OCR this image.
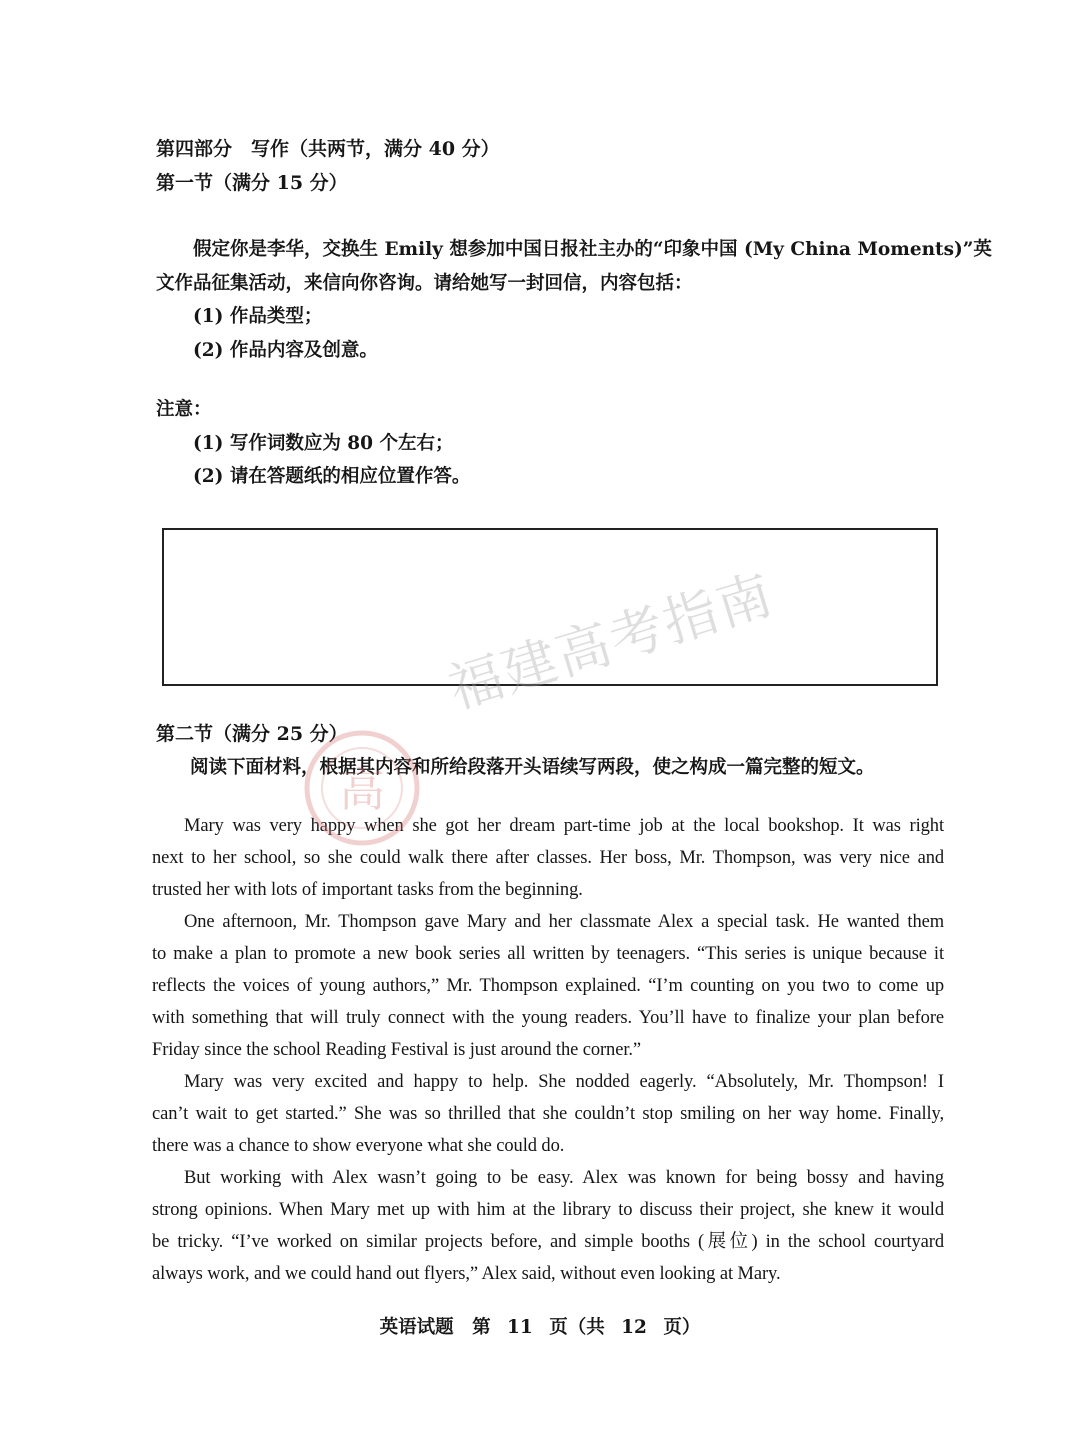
第四部分　写作（共两节，满分 40 分）
第一节（满分 15 分）
假定你是李华，交换生 Emily 想参加中国日报社主办的“印象中国 (My China Moments)”英
文作品征集活动，来信向你咨询。请给她写一封回信，内容包括：
(1) 作品类型；
(2) 作品内容及创意。
注意：
(1) 写作词数应为 80 个左右；
(2) 请在答题纸的相应位置作答。
第二节（满分 25 分）
阅读下面材料，根据其内容和所给段落开头语续写两段，使之构成一篇完整的短文。
Mary was very happy when she got her dream part-time job at the local bookshop. It was right
next to her school, so she could walk there after classes. Her boss, Mr. Thompson, was very nice and
trusted her with lots of important tasks from the beginning.
One afternoon, Mr. Thompson gave Mary and her classmate Alex a special task. He wanted them
to make a plan to promote a new book series all written by teenagers. “This series is unique because it
reflects the voices of young authors,” Mr. Thompson explained. “I’m counting on you two to come up
with something that will truly connect with the young readers. You’ll have to finalize your plan before
Friday since the school Reading Festival is just around the corner.”
Mary was very excited and happy to help. She nodded eagerly. “Absolutely, Mr. Thompson! I
can’t wait to get started.” She was so thrilled that she couldn’t stop smiling on her way home. Finally,
there was a chance to show everyone what she could do.
But working with Alex wasn’t going to be easy. Alex was known for being bossy and having
strong opinions. When Mary met up with him at the library to discuss their project, she knew it would
be tricky. “I’ve worked on similar projects before, and simple booths (展位) in the school courtyard
always work, and we could hand out flyers,” Alex said, without even looking at Mary.
高
福建高考指南
英语试题　第 11 页（共 12 页）
